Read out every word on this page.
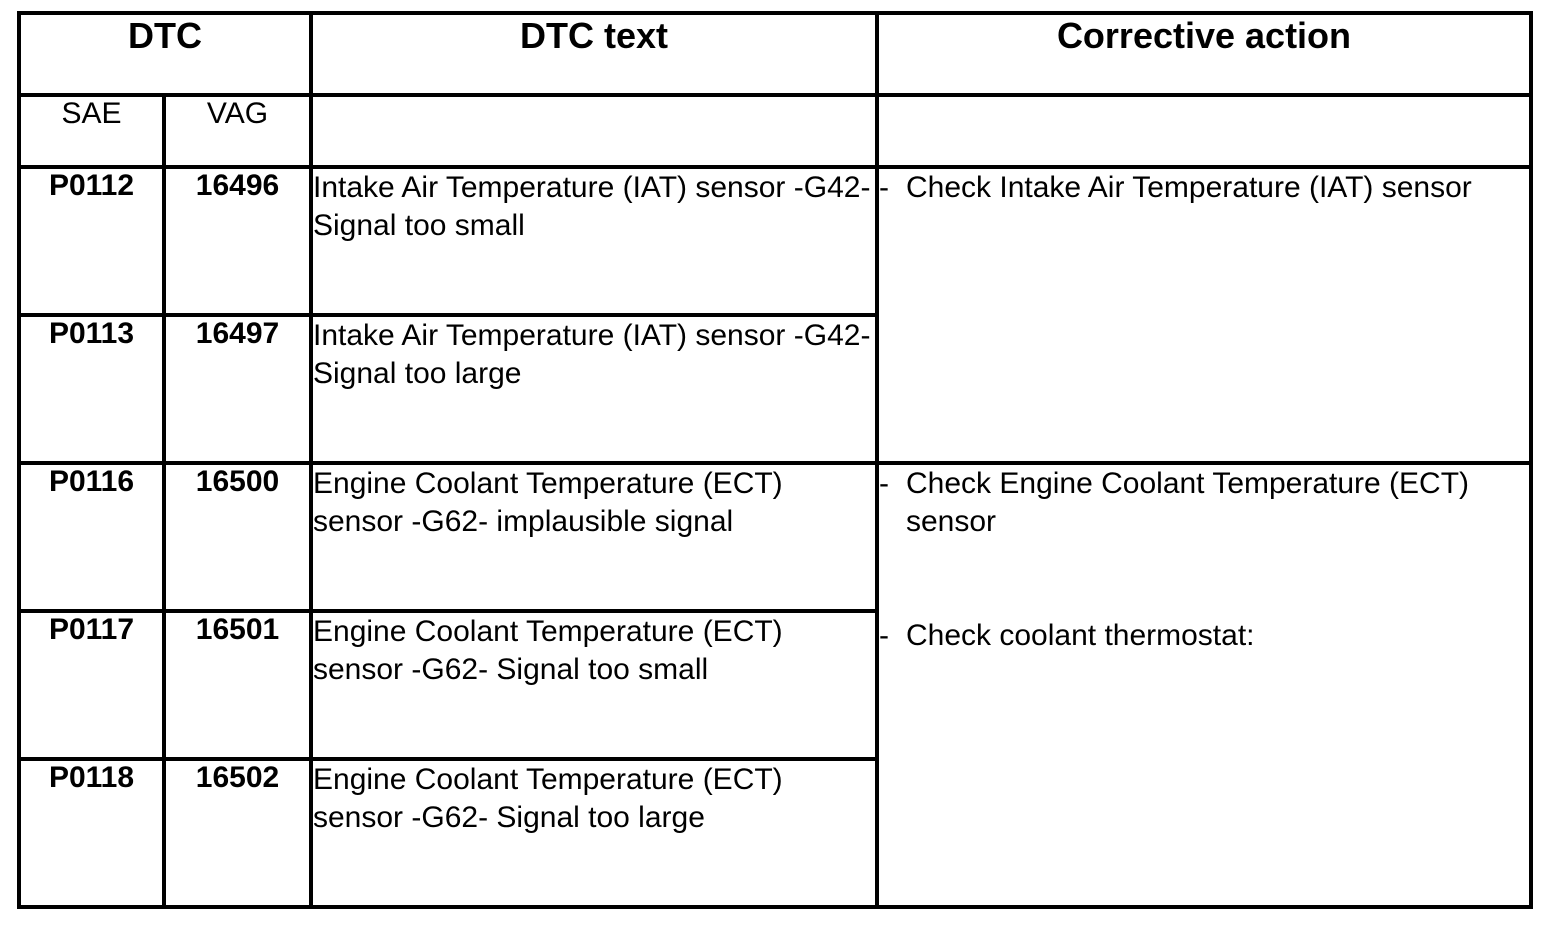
DTC		DTC text	Corrective action
SAE	VAG		
P0112	16496	Intake Air Temperature (IAT) sensor -G42- Signal too small	- Check Intake Air Temperature (IAT) sensor

P0113	16497	Intake Air Temperature (IAT) sensor -G42- Signal too large	
P0116	16500	Engine Coolant Temperature (ECT) sensor -G62- implausible signal	- Check Engine Coolant Temperature (ECT) sensor
- Check coolant thermostat:

P0117	16501	Engine Coolant Temperature (ECT) sensor -G62- Signal too small	
P0118	16502	Engine Coolant Temperature (ECT) sensor -G62- Signal too large	
